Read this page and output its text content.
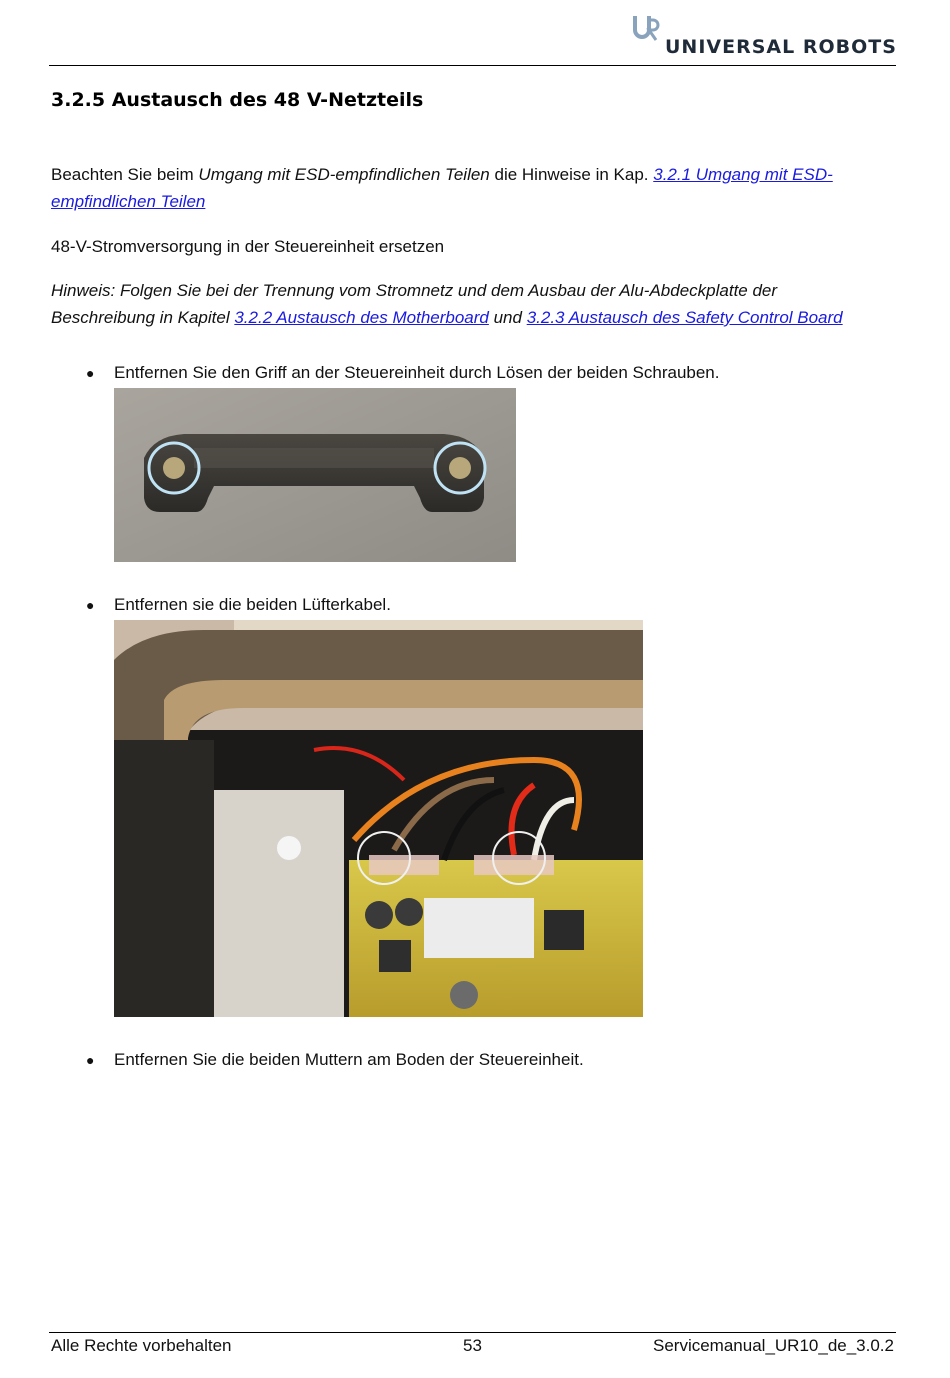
UNIVERSAL ROBOTS
3.2.5 Austausch des 48 V-Netzteils
Beachten Sie beim Umgang mit ESD-empfindlichen Teilen die Hinweise in Kap. 3.2.1 Umgang mit ESD-
empfindlichen Teilen
48-V-Stromversorgung in der Steuereinheit ersetzen
Hinweis: Folgen Sie bei der Trennung vom Stromnetz und dem Ausbau der Alu-Abdeckplatte der
Beschreibung in Kapitel 3.2.2 Austausch des Motherboard und 3.2.3 Austausch des Safety Control Board
● Entfernen Sie den Griff an der Steuereinheit durch Lösen der beiden Schrauben.
● Entfernen sie die beiden Lüfterkabel.
● Entfernen Sie die beiden Muttern am Boden der Steuereinheit.
Alle Rechte vorbehalten	53	Servicemanual_UR10_de_3.0.2
